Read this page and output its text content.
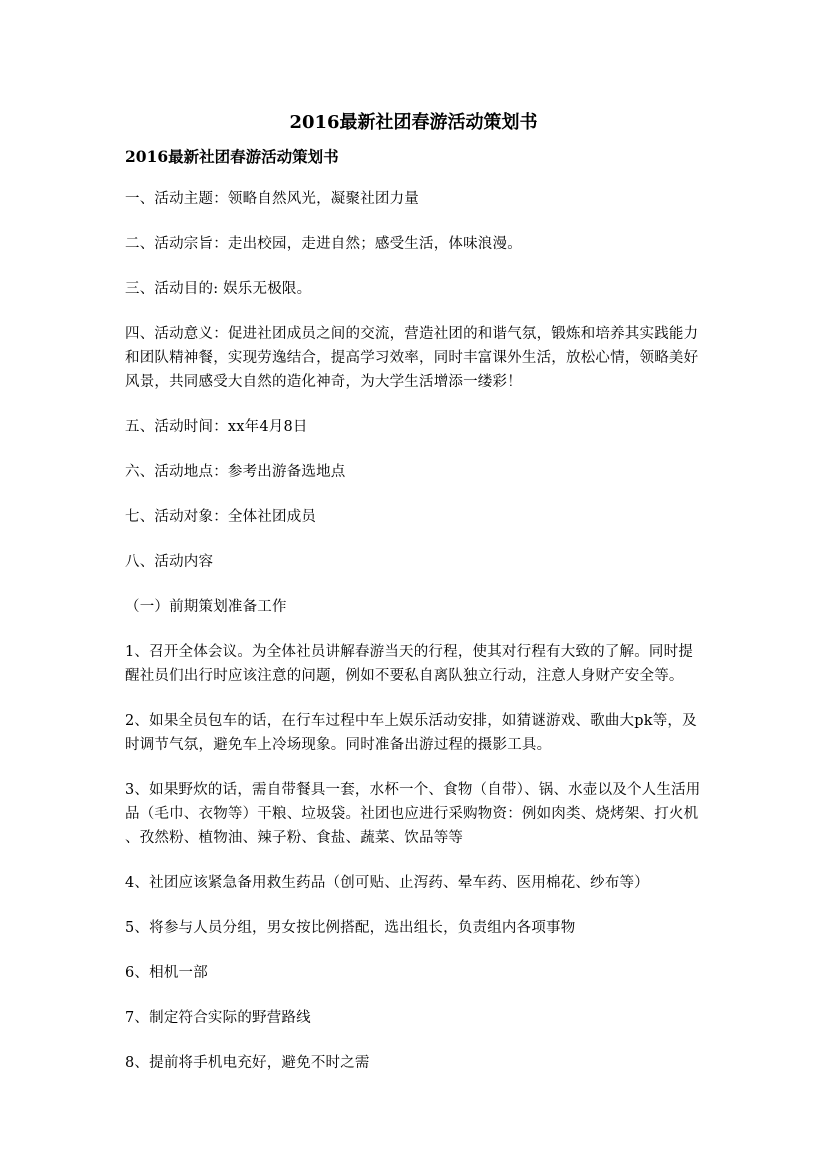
2016最新社团春游活动策划书
2016最新社团春游活动策划书

一、活动主题：领略自然风光，凝聚社团力量

二、活动宗旨：走出校园，走进自然；感受生活，体味浪漫。

三、活动目的: 娱乐无极限。

四、活动意义：促进社团成员之间的交流，营造社团的和谐气氛，锻炼和培养其实践能力和团队精神餐，实现劳逸结合，提高学习效率，同时丰富课外生活，放松心情，领略美好风景，共同感受大自然的造化神奇，为大学生活增添一缕彩！

五、活动时间：xx年4月8日

六、活动地点：参考出游备选地点

七、活动对象：全体社团成员

八、活动内容

（一）前期策划准备工作

1、召开全体会议。为全体社员讲解春游当天的行程，使其对行程有大致的了解。同时提醒社员们出行时应该注意的问题，例如不要私自离队独立行动，注意人身财产安全等。

2、如果全员包车的话，在行车过程中车上娱乐活动安排，如猜谜游戏、歌曲大pk等，及时调节气氛，避免车上冷场现象。同时准备出游过程的摄影工具。

3、如果野炊的话，需自带餐具一套，水杯一个、食物（自带）、锅、水壶以及个人生活用品（毛巾、衣物等）干粮、垃圾袋。社团也应进行采购物资：例如肉类、烧烤架、打火机 、孜然粉、植物油、辣子粉、食盐、蔬菜、饮品等等

4、社团应该紧急备用救生药品（创可贴、止泻药、晕车药、医用棉花、纱布等）

5、将参与人员分组，男女按比例搭配，选出组长，负责组内各项事物

6、相机一部

7、制定符合实际的野营路线

8、提前将手机电充好，避免不时之需
